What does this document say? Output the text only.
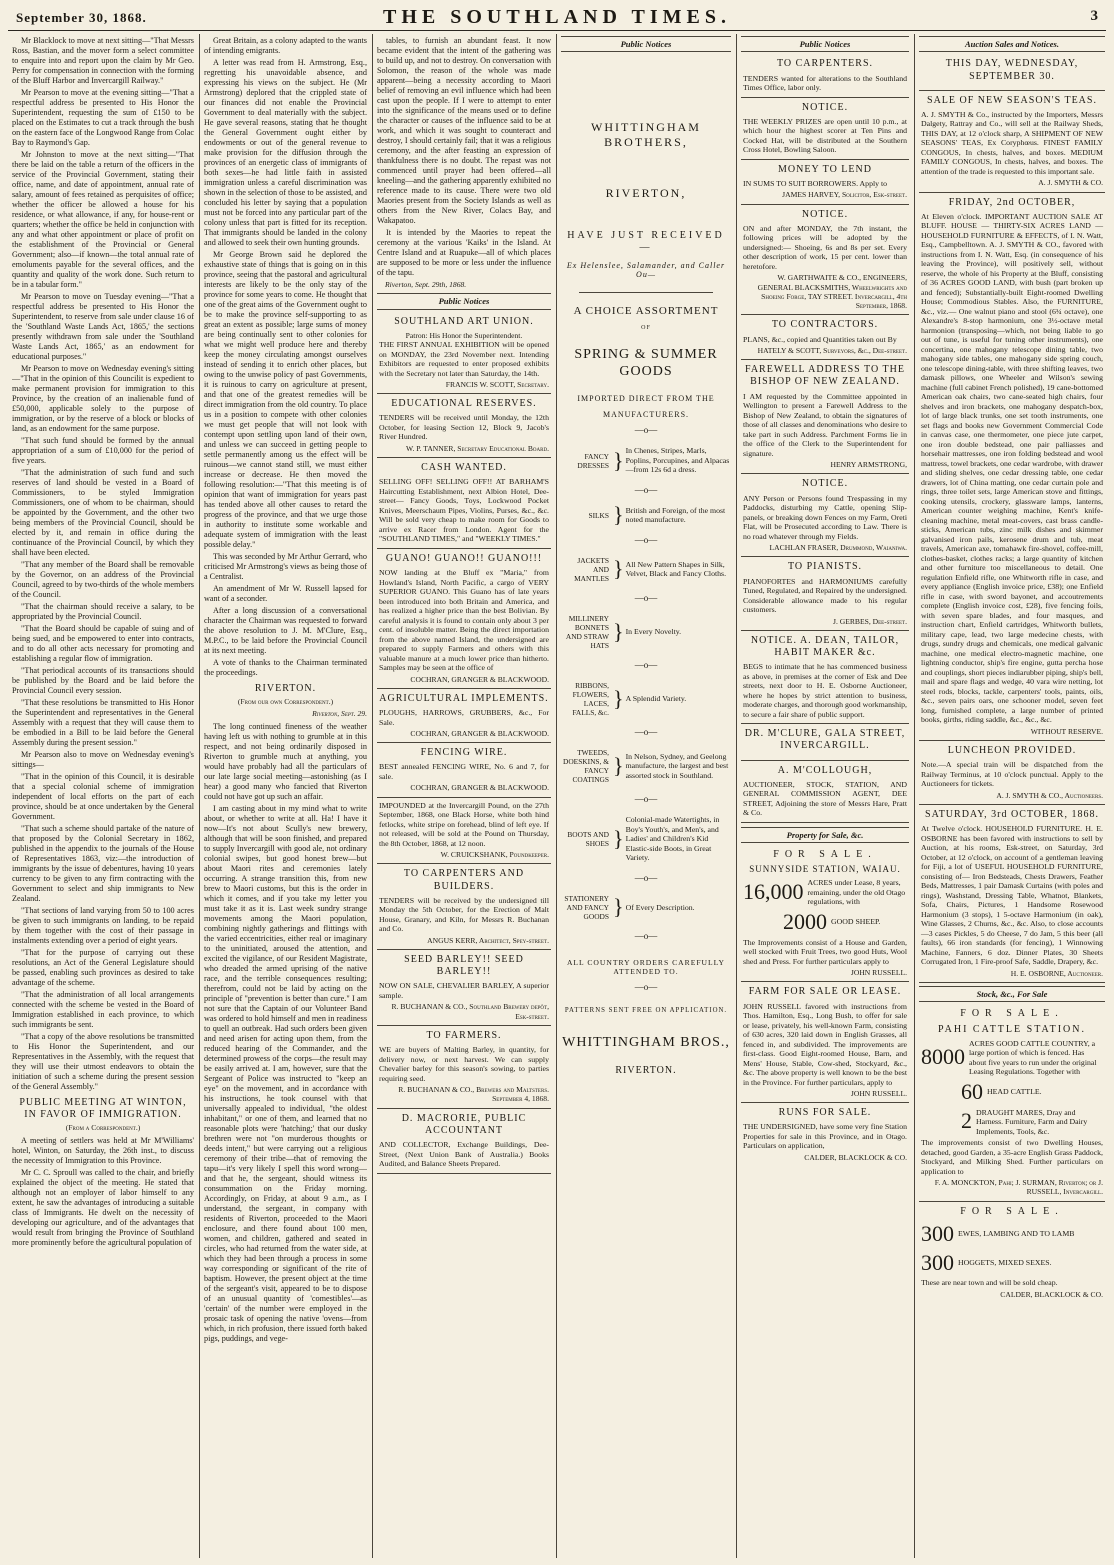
September 30, 1868.	THE SOUTHLAND TIMES.	3

Mr Blacklock to move at next sitting—"That Messrs Ross, Bastian, and the mover form a select committee to enquire into and report upon the claim by Mr Geo. Perry for compensation in connection with the forming of the Bluff Harbor and Invercargill Railway."

Mr Pearson to move at the evening sitting—"That a respectful address be presented to His Honor the Superintendent, requesting the sum of £150 to be placed on the Estimates to cut a track through the bush on the eastern face of the Longwood Range from Colac Bay to Raymond's Gap.

Mr Johnston to move at the next sitting—"That there be laid on the table a return of the officers in the service of the Provincial Government, stating their office, name, and date of appointment, annual rate of salary, amount of fees retained as perquisites of office; whether the officer be allowed a house for his residence, or what allowance, if any, for house-rent or quarters; whether the office be held in conjunction with any and what other appointment or place of profit on the establishment of the Provincial or General Government; also—if known—the total annual rate of emoluments payable for the several offices, and the quantity and quality of the work done. Such return to be in a tabular form."

Mr Pearson to move on Tuesday evening—"That a respectful address be presented to His Honor the Superintendent, to reserve from sale under clause 16 of the 'Southland Waste Lands Act, 1865,' the sections presently withdrawn from sale under the 'Southland Waste Lands Act, 1865,' as an endowment for educational purposes."

Mr Pearson to move on Wednesday evening's sitting—"That in the opinion of this Councilit is expedient to make permanent provision for immigration to this Province, by the creation of an inalienable fund of £50,000, applicable solely to the purpose of immigration, or by the reserve of a block or blocks of land, as an endowment for the same purpose.

"That such fund should be formed by the annual appropriation of a sum of £10,000 for the period of five years.

"That the administration of such fund and such reserves of land should be vested in a Board of Commissioners, to be styled Immigration Commissioners, one of whom to be chairman, should be appointed by the Government, and the other two being members of the Provincial Council, should be elected by it, and remain in office during the continuance of the Provincial Council, by which they shall have been elected.

"That any member of the Board shall be removable by the Governor, on an address of the Provincial Council, agreed to by two-thirds of the whole members of the Council.

"That the chairman should receive a salary, to be appropriated by the Provincial Council.

"That the Board should be capable of suing and of being sued, and be empowered to enter into contracts, and to do all other acts necessary for promoting and establishing a regular flow of immigration.

"That periodical accounts of its transactions should be published by the Board and be laid before the Provincial Council every session.

"That these resolutions be transmitted to His Honor the Superintendent and representatives in the General Assembly with a request that they will cause them to be embodied in a Bill to be laid before the General Assembly during the present session."

Mr Pearson also to move on Wednesday evening's sittings—

"That in the opinion of this Council, it is desirable that a special colonial scheme of immigration independent of local efforts on the part of each province, should be at once undertaken by the General Government.

"That such a scheme should partake of the nature of that proposed by the Colonial Secretary in 1862, published in the appendix to the journals of the House of Representatives 1863, viz:—the introduction of immigrants by the issue of debentures, having 10 years currency to be given to any firm contracting with the Government to select and ship immigrants to New Zealand.

"That sections of land varying from 50 to 100 acres be given to such immigrants on landing, to be repaid by them together with the cost of their passage in instalments extending over a period of eight years.

"That for the purpose of carrying out these resolutions, an Act of the General Legislature should be passed, enabling such provinces as desired to take advantage of the scheme.

"That the administration of all local arrangements connected with the scheme be vested in the Board of Immigration established in each province, to which such immigrants be sent.

"That a copy of the above resolutions be transmitted to His Honor the Superintendent, and our Representatives in the Assembly, with the request that they will use their utmost endeavors to obtain the initiation of such a scheme during the present session of the General Assembly."

PUBLIC MEETING AT WINTON, IN FAVOR OF IMMIGRATION.
(From a Correspondent.)

A meeting of settlers was held at Mr M'Williams' hotel, Winton, on Saturday, the 26th inst., to discuss the necessity of Immigration to this Province.

Mr C. C. Sproull was called to the chair, and briefly explained the object of the meeting. He stated that although not an employer of labor himself to any extent, he saw the advantages of introducing a suitable class of Immigrants. He dwelt on the necessity of developing our agriculture, and of the advantages that would result from bringing the Province of Southland more prominently before the agricultural population of

Great Britain, as a colony adapted to the wants of intending emigrants.

A letter was read from H. Armstrong, Esq., regretting his unavoidable absence, and expressing his views on the subject. He (Mr Armstrong) deplored that the crippled state of our finances did not enable the Provincial Government to deal materially with the subject. He gave several reasons, stating that he thought the General Government ought either by endowments or out of the general revenue to make provision for the diffusion through the provinces of an energetic class of immigrants of both sexes—he had little faith in assisted immigration unless a careful discrimination was shown in the selection of those to be assisted, and concluded his letter by saying that a population must not be forced into any particular part of the colony unless that part is fitted for its reception. That immigrants should be landed in the colony and allowed to seek their own hunting grounds.

Mr George Brown said he deplored the exhaustive state of things that is going on in this province, seeing that the pastoral and agricultural interests are likely to be the only stay of the province for some years to come. He thought that one of the great aims of the Government ought to be to make the province self-supporting to as great an extent as possible; large sums of money are being continually sent to other colonies for what we might well produce here and thereby keep the money circulating amongst ourselves instead of sending it to enrich other places, but owing to the unwise policy of past Governments, it is ruinous to carry on agriculture at present, and that one of the greatest remedies will be direct immigration from the old country. To place us in a position to compete with other colonies we must get people that will not look with contempt upon settling upon land of their own, and unless we can succeed in getting people to settle permanently among us the effect will be ruinous—we cannot stand still, we must either increase or decrease. He then moved the following resolution:—"That this meeting is of opinion that want of immigration for years past has tended above all other causes to retard the progress of the province, and that we urge those in authority to institute some workable and adequate system of immigration with the least possible delay."

This was seconded by Mr Arthur Gerrard, who criticised Mr Armstrong's views as being those of a Centralist.

An amendment of Mr W. Russell lapsed for want of a seconder.

After a long discussion of a conversational character the Chairman was requested to forward the above resolution to J. M. M'Clure, Esq., M.P.C., to be laid before the Provincial Council at its next meeting.

A vote of thanks to the Chairman terminated the proceedings.

RIVERTON.
(From our own Correspondent.)
Riverton, Sept. 29.

The long continued fineness of the weather having left us with nothing to grumble at in this respect, and not being ordinarily disposed in Riverton to grumble much at anything, you would have probably had all the particulars of our late large social meeting—astonishing (as I hear) a good many who fancied that Riverton could not have got up such an affair.

I am casting about in my mind what to write about, or whether to write at all. Ha! I have it now—It's not about Scully's new brewery, although that will be soon finished, and prepared to supply Invercargill with good ale, not ordinary colonial swipes, but good honest brew—but about Maori rites and ceremonies lately occurring. A strange transition this, from new brew to Maori customs, but this is the order in which it comes, and if you take my letter you must take it as it is. Last week sundry strange movements among the Maori population, combining nightly gatherings and flittings with the varied eccentricities, either real or imaginary to the uninitiated, aroused the attention, and excited the vigilance, of our Resident Magistrate, who dreaded the armed uprising of the native race, and the terrible consequences resulting; therefrom, could not be laid by acting on the principle of "prevention is better than cure." I am not sure that the Captain of our Volunteer Band was ordered to hold himself and men in readiness to quell an outbreak. Had such orders been given and need arisen for acting upon them, from the reduced hearing of the Commander, and the determined prowess of the corps—the result may be easily arrived at. I am, however, sure that the Sergeant of Police was instructed to "keep an eye" on the movement, and in accordance with his instructions, he took counsel with that universally appealed to individual, "the oldest inhabitant," or one of them, and learned that no reasonable plots were 'hatching;' that our dusky brethren were not "on murderous thoughts or deeds intent," but were carrying out a religious ceremony of their tribe—that of removing the tapu—it's very likely I spell this word wrong—and that he, the sergeant, should witness its consummation on the Friday morning. Accordingly, on Friday, at about 9 a.m., as I understand, the sergeant, in company with residents of Riverton, proceeded to the Maori enclosure, and there found about 100 men, women, and children, gathered and seated in circles, who had returned from the water side, at which they had been through a process in some way corresponding or significant of the rite of baptism. However, the present object at the time of the sergeant's visit, appeared to be to dispose of an unusual quantity of 'comestibles'—as 'certain' of the number were employed in the prosaic task of opening the native 'ovens—from which, in rich profusion, there issued forth baked pigs, puddings, and vege-

tables, to furnish an abundant feast. It now became evident that the intent of the gathering was to build up, and not to destroy. On conversation with Solomon, the reason of the whole was made apparent—being a necessity according to Maori belief of removing an evil influence which had been cast upon the people. If I were to attempt to enter into the significance of the means used or to define the character or causes of the influence said to be at work, and which it was sought to counteract and destroy, I should certainly fail; that it was a religious ceremony, and the after feasting an expression of thankfulness there is no doubt. The repast was not commenced until prayer had been offered—all kneeling—and the gathering apparently exhibited no reference made to its cause. There were two old Maories present from the Society Islands as well as others from the New River, Colacs Bay, and Wakapatoo.

It is intended by the Maories to repeat the ceremony at the various 'Kaiks' in the Island. At Centre Island and at Ruapuke—all of which places are supposed to be more or less under the influence of the tapu.

Riverton, Sept. 29th, 1868.
Public Notices
SOUTHLAND ART UNION.
Patron: His Honor the Superintendent.
THE FIRST ANNUAL EXHIBITION will be opened on MONDAY, the 23rd November next. Intending Exhibitors are requested to enter proposed exhibits with the Secretary not later than Saturday, the 14th.
FRANCIS W. SCOTT, Secretary.
EDUCATIONAL RESERVES.
TENDERS will be received until Monday, the 12th October, for leasing Section 12, Block 9, Jacob's River Hundred.
W. P. TANNER, Secretary Educational Board.
CASH WANTED.
SELLING OFF! SELLING OFF!! AT BARHAM'S Haircutting Establishment, next Albion Hotel, Dee-street— Fancy Goods, Toys, Lockwood Pocket Knives, Meerschaum Pipes, Violins, Purses, &c., &c. Will be sold very cheap to make room for Goods to arrive ex Racer from London. Agent for the "SOUTHLAND TIMES," and "WEEKLY TIMES."
GUANO! GUANO!! GUANO!!!
NOW landing at the Bluff ex "Maria," from Howland's Island, North Pacific, a cargo of VERY SUPERIOR GUANO. This Guano has of late years been introduced into both Britain and America, and has realized a higher price than the best Bolivian. By careful analysis it is found to contain only about 3 per cent. of insoluble matter. Being the direct importation from the above named Island, the undersigned are prepared to supply Farmers and others with this valuable manure at a much lower price than hitherto. Samples may be seen at the office of
COCHRAN, GRANGER & BLACKWOOD.
AGRICULTURAL IMPLEMENTS.
PLOUGHS, HARROWS, GRUBBERS, &c., For Sale.
COCHRAN, GRANGER & BLACKWOOD.
FENCING WIRE.
BEST annealed FENCING WIRE, No. 6 and 7, for sale.
COCHRAN, GRANGER & BLACKWOOD.
IMPOUNDED at the Invercargill Pound, on the 27th September, 1868, one Black Horse, white both hind fetlocks, white stripe on forehead, blind of left eye. If not released, will be sold at the Pound on Thursday, the 8th October, 1868, at 12 noon.
W. CRUICKSHANK, Poundkeeper.
TO CARPENTERS AND BUILDERS.
TENDERS will be received by the undersigned till Monday the 5th October, for the Erection of Malt House, Granary, and Kiln, for Messrs R. Buchanan and Co.
ANGUS KERR, Architect, Spey-street.
SEED BARLEY!! SEED BARLEY!!
NOW ON SALE, CHEVALIER BARLEY, A superior sample.
R. BUCHANAN & CO., Southland Brewery depôt, Esk-street.
TO FARMERS.
WE are buyers of Malting Barley, in quantity, for delivery now, or next harvest. We can supply Chevalier barley for this season's sowing, to parties requiring seed.
R. BUCHANAN & CO., Brewers and Maltsters. September 4, 1868.
D. MACRORIE, PUBLIC ACCOUNTANT
AND COLLECTOR, Exchange Buildings, Dee-Street, (Next Union Bank of Australia.) Books Audited, and Balance Sheets Prepared.
Public Notices
WHITTINGHAM BROTHERS,
RIVERTON,
HAVE JUST RECEIVED—
Ex Helenslee, Salamander, and Caller Ou—
A CHOICE ASSORTMENT
OF
SPRING & SUMMER GOODS
IMPORTED DIRECT FROM THE
MANUFACTURERS.
—o—
FANCY DRESSES } In Chenes, Stripes, Marls, Poplins, Porcupines, and Alpacas—from 12s 6d a dress.
—o—
SILKS } British and Foreign, of the most noted manufacture.
—o—
JACKETS AND MANTLES } All New Pattern Shapes in Silk, Velvet, Black and Fancy Cloths.
—o—
MILLINERY BONNETS AND STRAW HATS
} In Every Novelty.
—o—
RIBBONS, FLOWERS, LACES, FALLS, &c.
} A Splendid Variety.
—o—
TWEEDS, DOESKINS, & FANCY COATINGS
} In Nelson, Sydney, and Geelong manufacture, the largest and best assorted stock in Southland.
—o—
BOOTS AND SHOES }
Colonial-made Watertights, in Boy's Youth's, and Men's, and Ladies' and Children's Kid Elastic-side Boots, in Great Variety.
—o—
STATIONERY AND FANCY GOODS } Of Every Description.
—o—
ALL COUNTRY ORDERS CAREFULLY ATTENDED TO.
—o—
PATTERNS SENT FREE ON APPLICATION.
WHITTINGHAM BROS.,
RIVERTON.
Public Notices
TO CARPENTERS.
TENDERS wanted for alterations to the Southland Times Office, labor only.
NOTICE.
THE WEEKLY PRIZES are open until 10 p.m., at which hour the highest scorer at Ten Pins and Cocked Hat, will be distributed at the Southern Cross Hotel, Bowling Saloon.
MONEY TO LEND
IN SUMS TO SUIT BORROWERS. Apply to
JAMES HARVEY, Solicitor, Esk-street.
NOTICE.
ON and after MONDAY, the 7th instant, the following prices will be adopted by the undersigned:— Shoeing, 6s and 8s per set. Every other description of work, 15 per cent. lower than heretofore.
W. GARTHWAITE & CO., ENGINEERS, GENERAL BLACKSMITHS, Wheelwrights and Shoeing Forge, TAY STREET. Invercargill, 4th September, 1868.
TO CONTRACTORS.
PLANS, &c., copied and Quantities taken out By
HATELY & SCOTT, Surveyors, &c., Dee-street.
FAREWELL ADDRESS TO THE BISHOP OF NEW ZEALAND.
I AM requested by the Committee appointed in Wellington to present a Farewell Address to the Bishop of New Zealand, to obtain the signatures of those of all classes and denominations who desire to take part in such Address. Parchment Forms lie in the office of the Clerk to the Superintendent for signature.
HENRY ARMSTRONG,
NOTICE.
ANY Person or Persons found Trespassing in my Paddocks, disturbing my Cattle, opening Slip-panels, or breaking down Fences on my Farm, Oreti Flat, will be Prosecuted according to Law. There is no road whatever through my Fields.
LACHLAN FRASER, Drummond, Waianiwa.
TO PIANISTS.
PIANOFORTES and HARMONIUMS carefully Tuned, Regulated, and Repaired by the undersigned. Considerable allowance made to his regular customers.
J. GERBES, Dee-street.
NOTICE. A. DEAN, TAILOR, HABIT MAKER &c.
BEGS to intimate that he has commenced business as above, in premises at the corner of Esk and Dee streets, next door to H. E. Osborne Auctioneer, where he hopes by strict attention to business, moderate charges, and thorough good workmanship, to secure a fair share of public support.
DR. M'CLURE, GALA STREET, INVERCARGILL.
A. M'COLLOUGH,
AUCTIONEER, STOCK, STATION, AND GENERAL COMMISSION AGENT, DEE STREET, Adjoining the store of Messrs Hare, Pratt & Co.
Property for Sale, &c.
FOR SALE.
SUNNYSIDE STATION, WAIAU.
16,000 ACRES under Lease, 8 years, remaining, under the old Otago regulations, with
2000 GOOD SHEEP.
The Improvements consist of a House and Garden, well stocked with Fruit Trees, two good Huts, Wool shed and Press. For further particulars apply to
JOHN RUSSELL.
FARM FOR SALE OR LEASE.
JOHN RUSSELL favored with instructions from Thos. Hamilton, Esq., Long Bush, to offer for sale or lease, privately, his well-known Farm, consisting of 630 acres, 320 laid down in English Grasses, all fenced in, and subdivided. The improvements are first-class. Good Eight-roomed House, Barn, and Mens' House, Stable, Cow-shed, Stockyard, &c., &c. The above property is well known to be the best in the Province. For further particulars, apply to
JOHN RUSSELL.
RUNS FOR SALE.
THE UNDERSIGNED, have some very fine Station Properties for sale in this Province, and in Otago. Particulars on application,
CALDER, BLACKLOCK & CO.
Auction Sales and Notices.
THIS DAY, WEDNESDAY, SEPTEMBER 30.
SALE OF NEW SEASON'S TEAS.
A. J. SMYTH & Co., instructed by the Importers, Messrs Dalgety, Rattray and Co., will sell at the Railway Sheds, THIS DAY, at 12 o'clock sharp, A SHIPMENT OF NEW SEASONS' TEAS, Ex Coryphœus. FINEST FAMILY CONGOUS, In chests, halves, and boxes. MEDIUM FAMILY CONGOUS, In chests, halves, and boxes. The attention of the trade is requested to this important sale.
A. J. SMYTH & CO.
FRIDAY, 2nd OCTOBER,
At Eleven o'clock. IMPORTANT AUCTION SALE AT BLUFF. HOUSE — THIRTY-SIX ACRES LAND — HOUSEHOLD FURNITURE & EFFECTS, of I. N. Watt, Esq., Campbelltown. A. J. SMYTH & CO., favored with instructions from I. N. Watt, Esq. (in consequence of his leaving the Province), will positively sell, without reserve, the whole of his Property at the Bluff, consisting of 36 ACRES GOOD LAND, with bush (part broken up and fenced); Substantially-built Eight-roomed Dwelling House; Commodious Stables. Also, the FURNITURE, &c., viz.— One walnut piano and stool (6¾ octave), one Alexandre's 8-stop harmonium, one 3½-octave metal harmonion (transposing—which, not being liable to go out of tune, is useful for tuning other instruments), one concertina, one mahogany telescope dining table, two mahogany side tables, one mahogany side spring couch, one telescope dining-table, with three shifting leaves, two damask pillows, one Wheeler and Wilson's sewing machine (full cabinet French polished), 19 cane-bottomed American oak chairs, two cane-seated high chairs, four shelves and iron brackets, one mahogany despatch-box, lot of large black trunks, one set tooth instruments, one set flags and books new Government Commercial Code in canvas case, one thermometer, one piece jute carpet, one iron double bedstead, one pair palliasses and horsehair mattresses, one iron folding bedstead and wool mattress, towel brackets, one cedar wardrobe, with drawer and sliding shelves, one cedar dressing table, one cedar drawers, lot of China matting, one cedar curtain pole and rings, three toilet sets, large American stove and fittings, cooking utensils, crockery, glassware lamps, lanterns, American counter weighing machine, Kent's knife-cleaning machine, metal meat-covers, cast brass candle-sticks, American tubs, zinc milk dishes and skimmer galvanised iron pails, kerosene drum and tub, meat travels, American axe, tomahawk fire-shovel, coffee-mill, clothes-basket, clothes racks; a large quantity of kitchen and other furniture too miscellaneous to detail. One regulation Enfield rifle, one Whitworth rifle in case, and every appliance (English invoice price, £38); one Enfield rifle in case, with sword bayonet, and accoutrements complete (English invoice cost, £28), five fencing foils, with seven spare blades, and four masques, and instruction chart, Enfield cartridges, Whitworth bullets, military cape, lead, two large medecine chests, with drugs, sundry drugs and chemicals, one medical galvanic machine, one medical electro-magnetic machine, one lightning conductor, ship's fire engine, gutta percha hose and couplings, short pieces indiarubber piping, ship's bell, mail and spare flags and wedge, 40 vara wire netting, lot steel rods, blocks, tackle, carpenters' tools, paints, oils, &c., seven pairs oars, one schooner model, seven feet long, furnished complete, a large number of printed books, girths, riding saddle, &c., &c., &c.
WITHOUT RESERVE.
LUNCHEON PROVIDED.
Note.—A special train will be dispatched from the Railway Terminus, at 10 o'clock punctual. Apply to the Auctioneers for tickets.
A. J. SMYTH & CO., Auctioneers.
SATURDAY, 3rd OCTOBER, 1868.
At Twelve o'clock. HOUSEHOLD FURNITURE. H. E. OSBORNE has been favored with instructions to sell by Auction, at his rooms, Esk-street, on Saturday, 3rd October, at 12 o'clock, on account of a gentleman leaving for Fiji, a lot of USEFUL HOUSEHOLD FURNITURE, consisting of— Iron Bedsteads, Chests Drawers, Feather Beds, Mattresses, 1 pair Damask Curtains (with poles and rings), Washstand, Dressing Table, Whatnot, Blankets, Sofa, Chairs, Pictures, 1 Handsome Rosewood Harmonium (3 stops), 1 5-octave Harmonium (in oak), Wine Glasses, 2 Churns, &c., &c. Also, to close accounts—3 cases Pickles, 5 do Cheese, 7 do Jam, 5 this beer (all faults), 66 iron standards (for fencing), 1 Winnowing Machine, Fanners, 6 doz. Dinner Plates, 30 Sheets Corrugated Iron, 1 Fire-proof Safe, Saddle, Drapery, &c.
H. E. OSBORNE, Auctioneer.
Stock, &c., For Sale
FOR SALE.
PAHI CATTLE STATION.
8000
ACRES GOOD CATTLE COUNTRY, a large portion of which is fenced. Has about five years to run under the original Leasing Regulations. Together with
60 HEAD CATTLE.
2 DRAUGHT MARES, Dray and Harness. Furniture, Farm and Dairy Implements, Tools, &c.
The improvements consist of two Dwelling Houses, detached, good Garden, a 35-acre English Grass Paddock, Stockyard, and Milking Shed. Further particulars on application to
F. A. MONCKTON, Pahi; J. SURMAN, Riverton; or J. RUSSELL, Invercargill.
FOR SALE.
300 EWES, LAMBING AND TO LAMB
300 HOGGETS, MIXED SEXES.
These are near town and will be sold cheap.
CALDER, BLACKLOCK & CO.
